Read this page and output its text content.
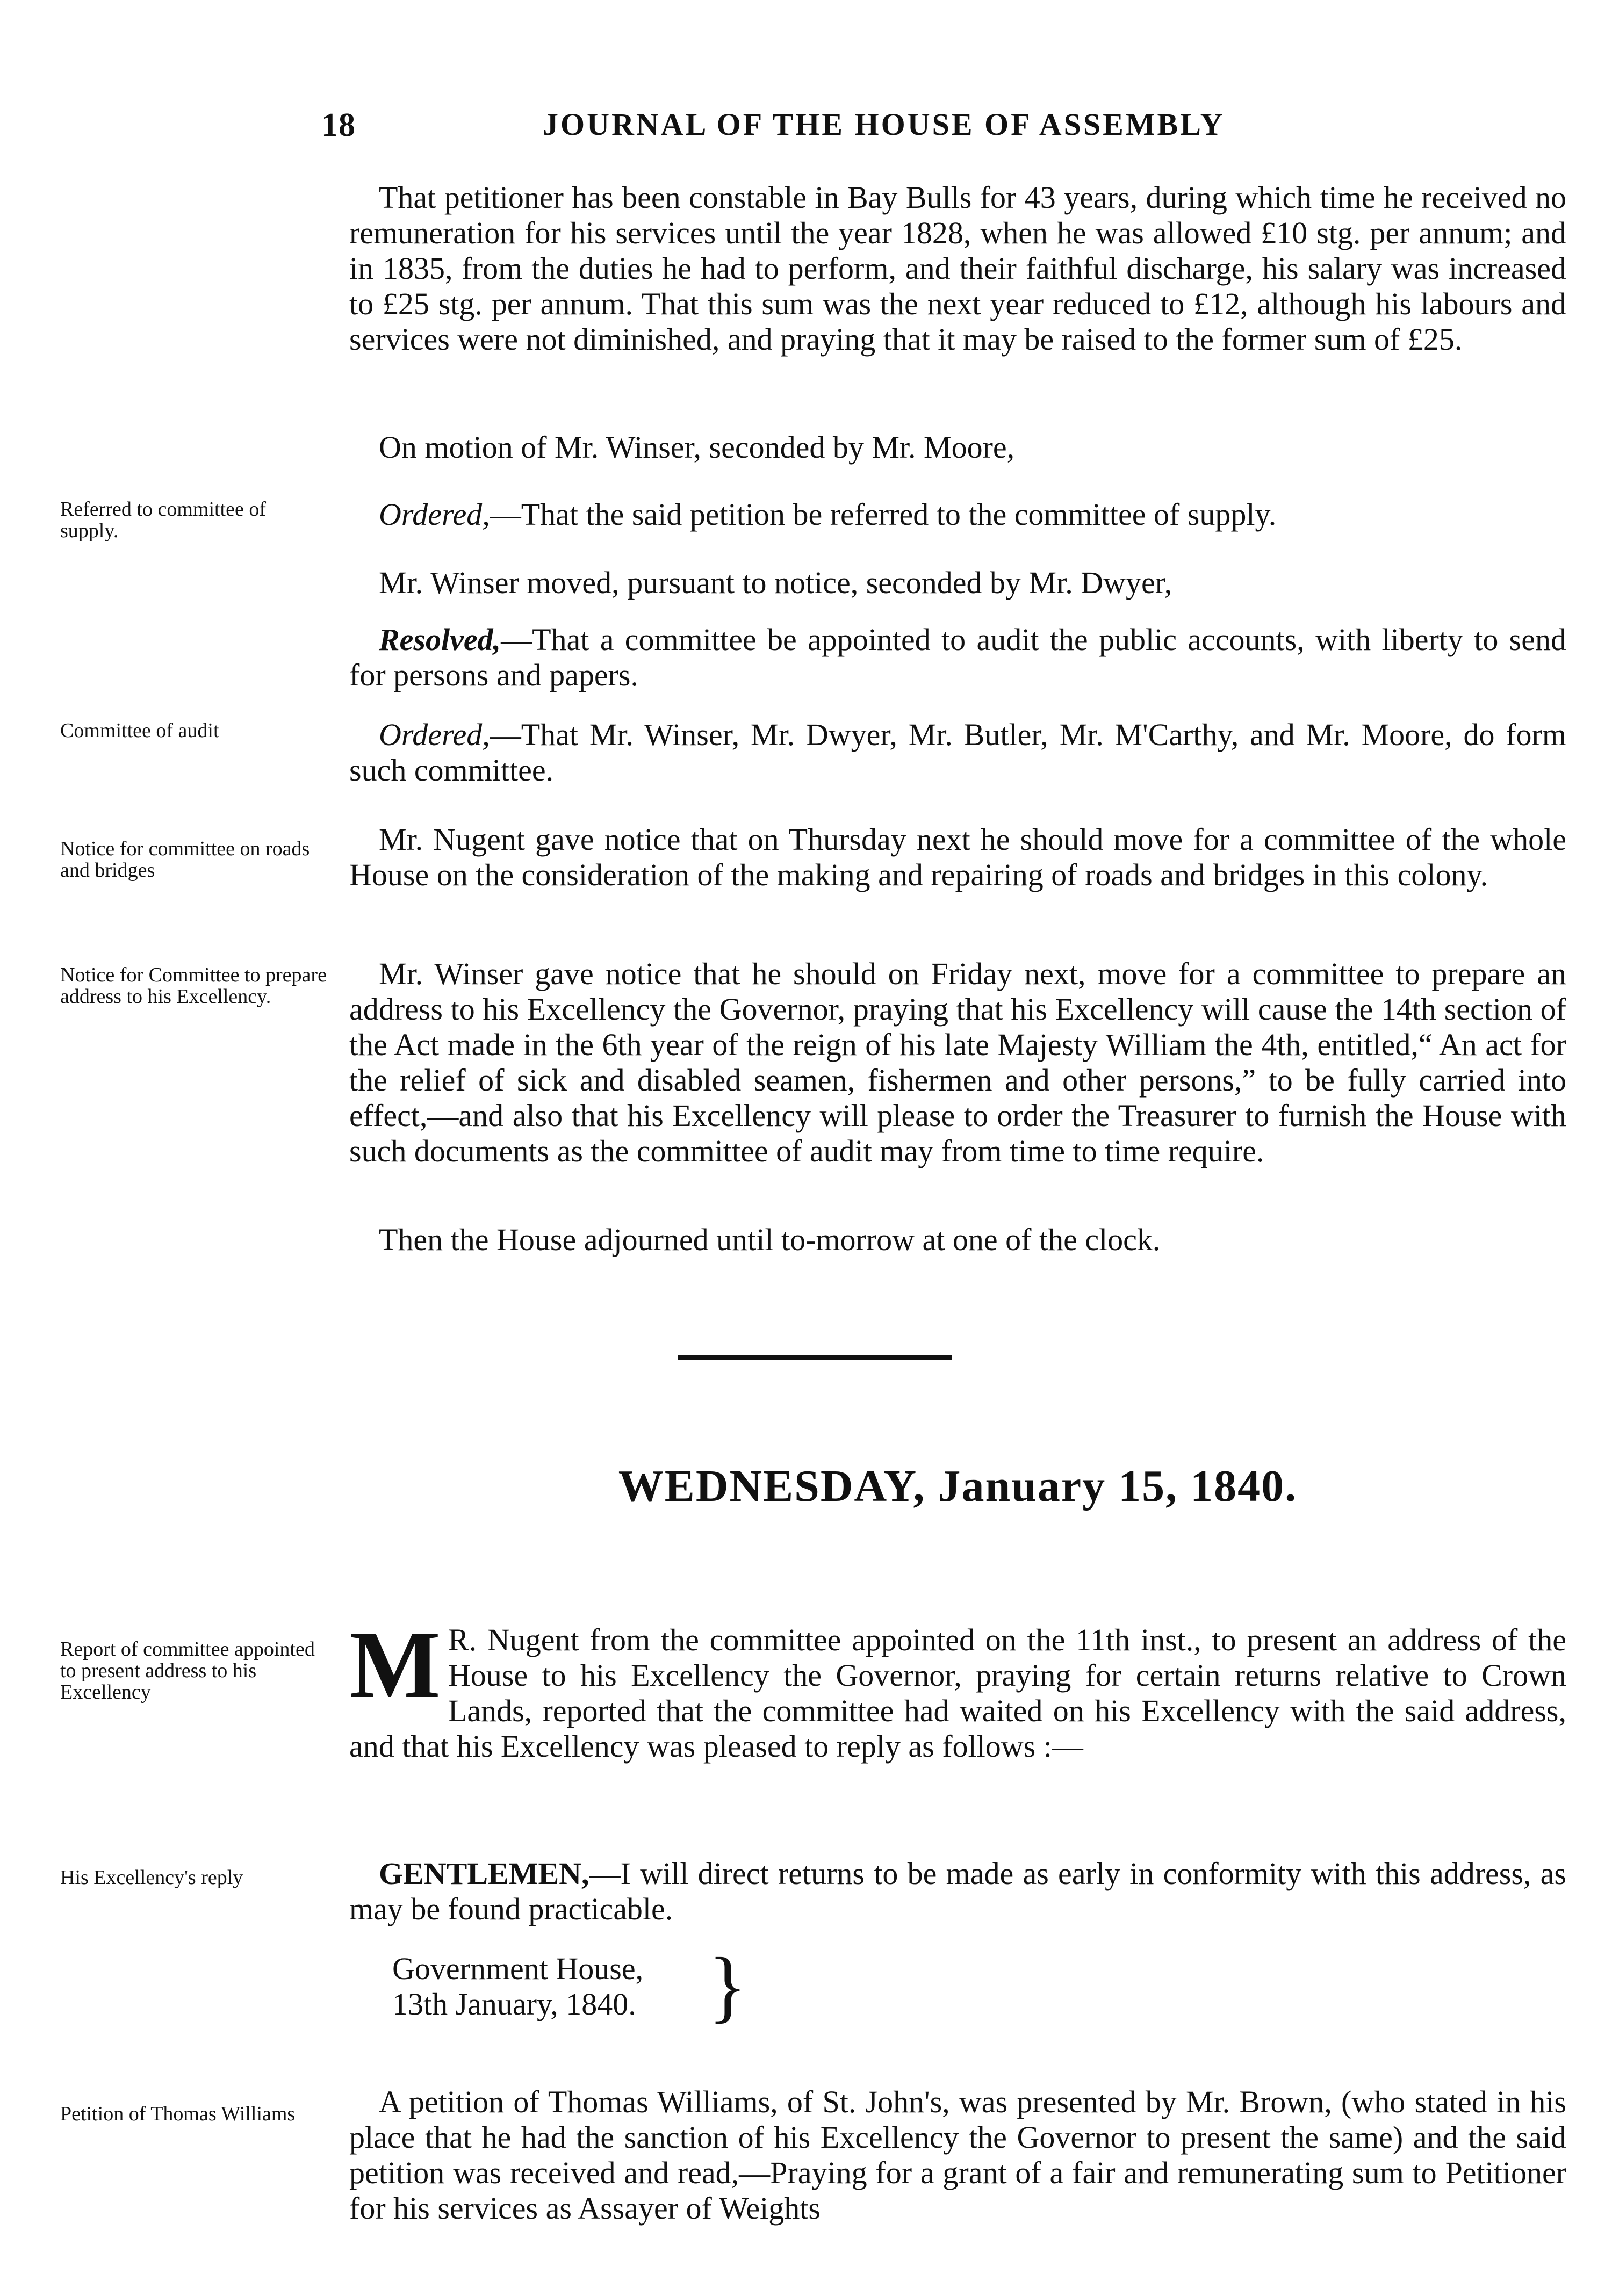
18	JOURNAL OF THE HOUSE OF ASSEMBLY
That petitioner has been constable in Bay Bulls for 43 years, during which time he received no remuneration for his services until the year 1828, when he was allowed £10 stg. per annum; and in 1835, from the duties he had to perform, and their faithful discharge, his salary was increased to £25 stg. per annum. That this sum was the next year reduced to £12, although his labours and services were not diminished, and praying that it may be raised to the former sum of £25.
On motion of Mr. Winser, seconded by Mr. Moore,
Referred to committee of supply.	Ordered,—That the said petition be referred to the committee of supply.
Mr. Winser moved, pursuant to notice, seconded by Mr. Dwyer,
Resolved,—That a committee be appointed to audit the public accounts, with liberty to send for persons and papers.
Committee of audit	Ordered,—That Mr. Winser, Mr. Dwyer, Mr. Butler, Mr. M'Carthy, and Mr. Moore, do form such committee.
Notice for committee on roads and bridges
Mr. Nugent gave notice that on Thursday next he should move for a committee of the whole House on the consideration of the making and repairing of roads and bridges in this colony.
Notice for Committee to prepare address to his Excellency.
Mr. Winser gave notice that he should on Friday next, move for a committee to prepare an address to his Excellency the Governor, praying that his Excellency will cause the 14th section of the Act made in the 6th year of the reign of his late Majesty William the 4th, entitled,“ An act for the relief of sick and disabled seamen, fishermen and other persons,” to be fully carried into effect,—and also that his Excellency will please to order the Treasurer to furnish the House with such documents as the committee of audit may from time to time require.
Then the House adjourned until to-morrow at one of the clock.
WEDNESDAY, January 15, 1840.
Report of committee appointed to present address to his Excellency	M R. Nugent from the committee appointed on the 11th inst., to present an address of the House to his Excellency the Governor, praying for certain returns relative to Crown Lands, reported that the committee had waited on his Excellency with the said address, and that his Excellency was pleased to reply as follows :—
His Excellency's reply	GENTLEMEN,—I will direct returns to be made as early in conformity with this address, as may be found practicable.
Government House,
13th January, 1840. }
Petition of Thomas Williams	A petition of Thomas Williams, of St. John's, was presented by Mr. Brown, (who stated in his place that he had the sanction of his Excellency the Governor to present the same) and the said petition was received and read,—Praying for a grant of a fair and remunerating sum to Petitioner for his services as Assayer of Weights
